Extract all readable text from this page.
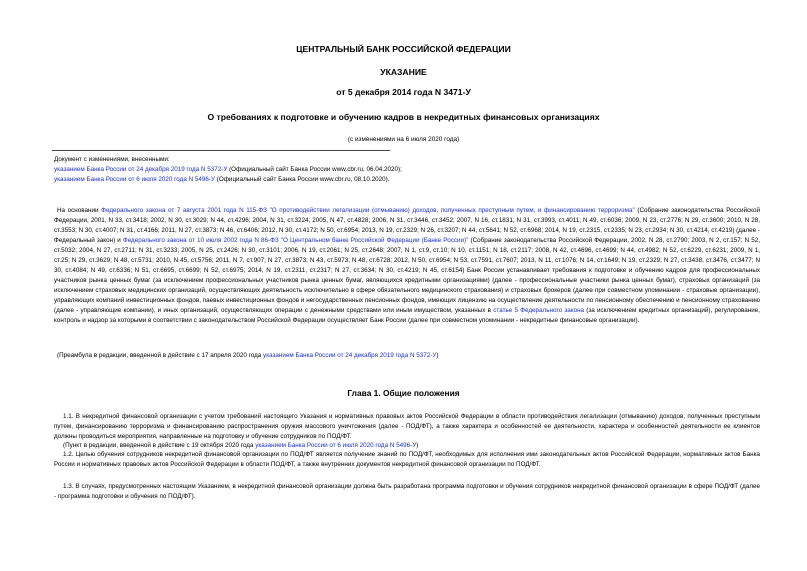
ЦЕНТРАЛЬНЫЙ БАНК РОССИЙСКОЙ ФЕДЕРАЦИИ
УКАЗАНИЕ
от 5 декабря 2014 года N 3471-У
О требованиях к подготовке и обучению кадров в некредитных финансовых организациях
(с изменениями на 6 июля 2020 года)
Документ с изменениями, внесенными:
указанием Банка России от 24 декабря 2019 года N 5372-У (Официальный сайт Банка России www.cbr.ru, 06.04.2020);
указанием Банка России от 6 июля 2020 года N 5496-У (Официальный сайт Банка России www.cbr.ru, 08.10.2020).
На основании Федерального закона от 7 августа 2001 года N 115-ФЗ "О противодействии легализации (отмыванию) доходов, полученных преступным путем, и финансированию терроризма" (Собрание законодательства Российской Федерации, 2001, N 33, ст.3418; 2002, N 30, ст.3029; N 44, ст.4296; 2004, N 31, ст.3224; 2005, N 47, ст.4828; 2006, N 31, ст.3446, ст.3452; 2007, N 16, ст.1831; N 31, ст.3993, ст.4011; N 49, ст.6036; 2009, N 23, ст.2776; N 29, ст.3600; 2010, N 28, ст.3553; N 30, ст.4007; N 31, ст.4166; 2011, N 27, ст.3873; N 46, ст.6406; 2012, N 30, ст.4172; N 50, ст.6954; 2013, N 19, ст.2329; N 26, ст.3207; N 44, ст.5641; N 52, ст.6968; 2014, N 19, ст.2315, ст.2335; N 23, ст.2934; N 30, ст.4214, ст.4219) (далее - Федеральный закон) и Федерального закона от 10 июля 2002 года N 86-ФЗ "О Центральном банке Российской Федерации (Банке России)" (Собрание законодательства Российской Федерации, 2002, N 28, ст.2790; 2003, N 2, ст.157; N 52, ст.5032; 2004, N 27, ст.2711; N 31, ст.3233; 2005, N 25, ст.2426; N 30, ст.3101; 2006, N 19, ст.2061; N 25, ст.2648; 2007, N 1, ст.9, ст.10; N 10, ст.1151; N 18, ст.2117; 2008, N 42, ст.4696, ст.4699; N 44, ст.4982; N 52, ст.6229, ст.6231; 2009, N 1, ст.25; N 29, ст.3629; N 48, ст.5731; 2010, N 45, ст.5756; 2011, N 7, ст.907; N 27, ст.3873; N 43, ст.5973; N 48, ст.6728; 2012, N 50, ст.6954; N 53, ст.7591, ст.7607; 2013, N 11, ст.1076; N 14, ст.1649; N 19, ст.2329; N 27, ст.3438, ст.3476, ст.3477; N 30, ст.4084; N 49, ст.6336; N 51, ст.6695, ст.6699; N 52, ст.6975; 2014, N 19, ст.2311, ст.2317; N 27, ст.3634; N 30, ст.4219; N 45, ст.6154) Банк России устанавливает требования к подготовке и обучению кадров для профессиональных участников рынка ценных бумаг (за исключением профессиональных участников рынка ценных бумаг, являющихся кредитными организациями) (далее - профессиональные участники рынка ценных бумаг), страховых организаций (за исключением страховых медицинских организаций, осуществляющих деятельность исключительно в сфере обязательного медицинского страхования) и страховых брокеров (далее при совместном упоминании - страховые организации), управляющих компаний инвестиционных фондов, паевых инвестиционных фондов и негосударственных пенсионных фондов, имеющих лицензию на осуществление деятельности по пенсионному обеспечению и пенсионному страхованию (далее - управляющие компании), и иных организаций, осуществляющих операции с денежными средствами или иным имуществом, указанных в статье 5 Федерального закона (за исключением кредитных организаций), регулирование, контроль и надзор за которыми в соответствии с законодательством Российской Федерации осуществляет Банк России (далее при совместном упоминании - некредитные финансовые организации).
(Преамбула в редакции, введенной в действие с 17 апреля 2020 года указанием Банка России от 24 декабря 2019 года N 5372-У)
Глава 1. Общие положения
1.1. В некредитной финансовой организации с учетом требований настоящего Указания и нормативных правовых актов Российской Федерации в области противодействия легализации (отмыванию) доходов, полученных преступным путем, финансированию терроризма и финансированию распространения оружия массового уничтожения (далее - ПОД/ФТ), а также характера и особенностей ее деятельности, характера и особенностей деятельности ее клиентов должны проводиться мероприятия, направленные на подготовку и обучение сотрудников по ПОД/ФТ.
(Пункт в редакции, введенной в действие с 19 октября 2020 года указанием Банка России от 6 июля 2020 года N 5496-У)
1.2. Целью обучения сотрудников некредитной финансовой организации по ПОД/ФТ является получение знаний по ПОД/ФТ, необходимых для исполнения ими законодательных актов Российской Федерации, нормативных актов Банка России и нормативных правовых актов Российской Федерации в области ПОД/ФТ, а также внутренних документов некредитной финансовой организации по ПОД/ФТ.
1.3. В случаях, предусмотренных настоящим Указанием, в некредитной финансовой организации должна быть разработана программа подготовки и обучения сотрудников некредитной финансовой организации в сфере ПОД/ФТ (далее - программа подготовки и обучения по ПОД/ФТ).
